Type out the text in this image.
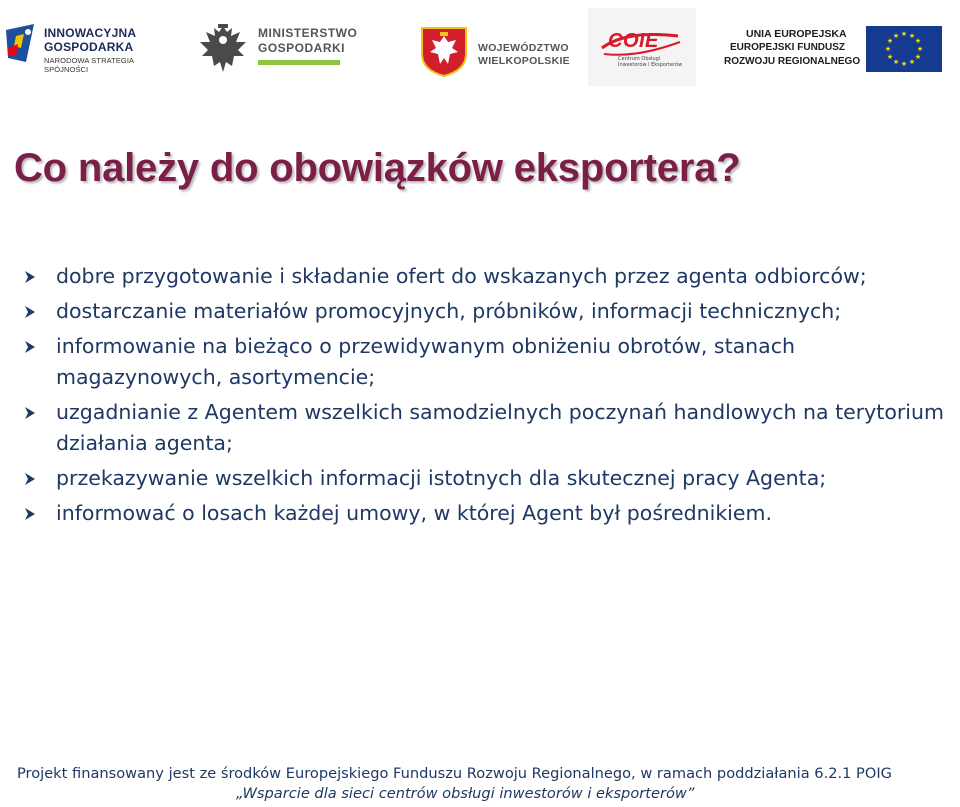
INNOWACYJNA
GOSPODARKA
NARODOWA STRATEGIA SPÓJNOŚCI
MINISTERSTWO
GOSPODARKI	WOJEWÓDZTWO
WIELKOPOLSKIE
COIE
Centrum Obsługi Inwestorów i Eksporterów
UNIA EUROPEJSKA
EUROPEJSKI FUNDUSZ
ROZWOJU REGIONALNEGO
★ ★
★
★
★
★
★
★
★
★
★
★
Co należy do obowiązków eksportera?
dobre przygotowanie i składanie ofert do wskazanych przez agenta odbiorców;
dostarczanie materiałów promocyjnych, próbników, informacji technicznych;
informowanie na bieżąco o przewidywanym obniżeniu obrotów, stanach magazynowych, asortymencie;
uzgadnianie z Agentem wszelkich samodzielnych poczynań handlowych na terytorium działania agenta;
przekazywanie wszelkich informacji istotnych dla skutecznej pracy Agenta;
informować o losach każdej umowy, w której Agent był pośrednikiem.
Projekt finansowany jest ze środków Europejskiego Funduszu Rozwoju Regionalnego, w ramach poddziałania 6.2.1 POIG
„Wsparcie dla sieci centrów obsługi inwestorów i eksporterów”
